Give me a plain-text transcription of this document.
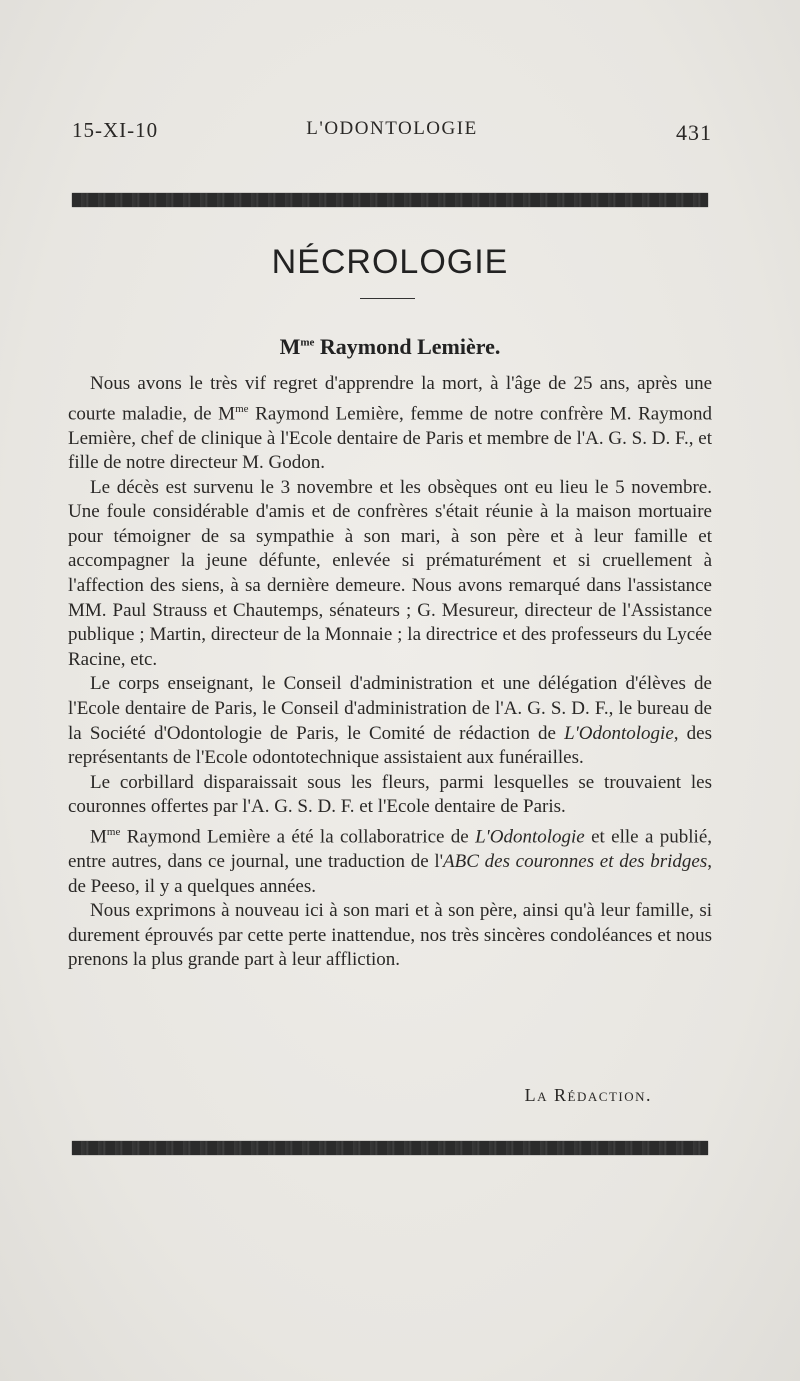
15-XI-10	L'ODONTOLOGIE	431
NÉCROLOGIE
$M^{me}$ Raymond Lemière.

Nous avons le très vif regret d'apprendre la mort, à l'âge de 25 ans, après une courte maladie, de $M^{me}$ Raymond Lemière, femme de notre confrère M. Raymond Lemière, chef de clinique à l'Ecole dentaire de Paris et membre de l'A. G. S. D. F., et fille de notre directeur M. Godon.

Le décès est survenu le 3 novembre et les obsèques ont eu lieu le 5 novembre. Une foule considérable d'amis et de confrères s'était réunie à la maison mortuaire pour témoigner de sa sympathie à son mari, à son père et à leur famille et accompagner la jeune défunte, enlevée si prématurément et si cruellement à l'affection des siens, à sa dernière demeure. Nous avons remarqué dans l'assistance MM. Paul Strauss et Chautemps, sénateurs ; G. Mesureur, directeur de l'Assistance publique ; Martin, directeur de la Monnaie ; la directrice et des professeurs du Lycée Racine, etc.

Le corps enseignant, le Conseil d'administration et une délégation d'élèves de l'Ecole dentaire de Paris, le Conseil d'administration de l'A. G. S. D. F., le bureau de la Société d'Odontologie de Paris, le Comité de rédaction de L'Odontologie, des représentants de l'Ecole odontotechnique assistaient aux funérailles.

Le corbillard disparaissait sous les fleurs, parmi lesquelles se trouvaient les couronnes offertes par l'A. G. S. D. F. et l'Ecole dentaire de Paris.

$M^{me}$ Raymond Lemière a été la collaboratrice de L'Odontologie et elle a publié, entre autres, dans ce journal, une traduction de l'ABC des couronnes et des bridges, de Peeso, il y a quelques années.

Nous exprimons à nouveau ici à son mari et à son père, ainsi qu'à leur famille, si durement éprouvés par cette perte inattendue, nos très sincères condoléances et nous prenons la plus grande part à leur affliction.

La Rédaction.
